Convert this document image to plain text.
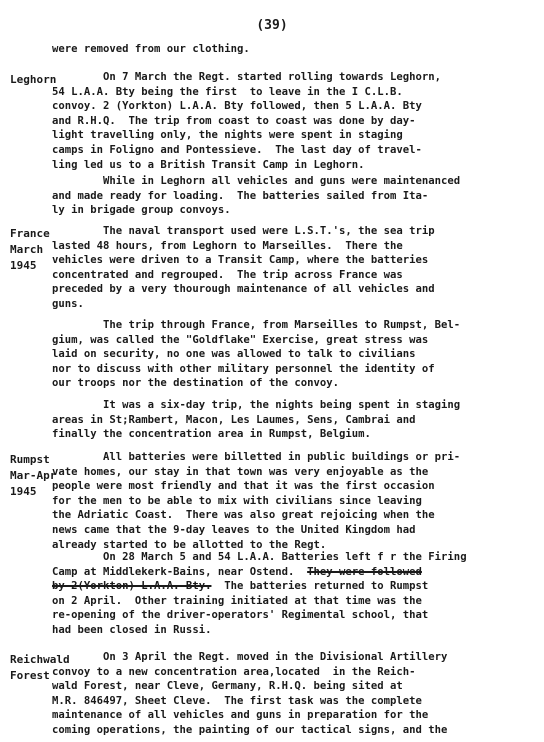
(39)
were removed from our clothing.
Leghorn	On 7 March the Regt. started rolling towards Leghorn,
54 L.A.A. Bty being the first  to leave in the I C.L.B.
convoy. 2 (Yorkton) L.A.A. Bty followed, then 5 L.A.A. Bty
and R.H.Q.  The trip from coast to coast was done by day-
light travelling only, the nights were spent in staging
camps in Foligno and Pontessieve.  The last day of travel-
ling led us to a British Transit Camp in Leghorn.
While in Leghorn all vehicles and guns were maintenanced
and made ready for loading.  The batteries sailed from Ita-
ly in brigade group convoys.
France
March
1945
The naval transport used were L.S.T.'s, the sea trip
lasted 48 hours, from Leghorn to Marseilles.  There the
vehicles were driven to a Transit Camp, where the batteries
concentrated and regrouped.  The trip across France was
preceded by a very thourough maintenance of all vehicles and
guns.
The trip through France, from Marseilles to Rumpst, Bel-
gium, was called the "Goldflake" Exercise, great stress was
laid on security, no one was allowed to talk to civilians
nor to discuss with other military personnel the identity of
our troops nor the destination of the convoy.
It was a six-day trip, the nights being spent in staging
areas in St;Rambert, Macon, Les Laumes, Sens, Cambrai and
finally the concentration area in Rumpst, Belgium.
Rumpst
Mar-Apr
1945
All batteries were billetted in public buildings or pri-
vate homes, our stay in that town was very enjoyable as the
people were most friendly and that it was the first occasion
for the men to be able to mix with civilians since leaving
the Adriatic Coast.  There was also great rejoicing when the
news came that the 9-day leaves to the United Kingdom had
already started to be allotted to the Regt.
On 28 March 5 and 54 L.A.A. Batteries left f r the Firing
Camp at Middlekerk-Bains, near Ostend.  They were followed
by 2(Yorkton) L.A.A. Bty.  The batteries returned to Rumpst
on 2 April.  Other training initiated at that time was the
re-opening of the driver-operators' Regimental school, that
had been closed in Russi.
Reichwald
Forest
On 3 April the Regt. moved in the Divisional Artillery
convoy to a new concentration area,located  in the Reich-
wald Forest, near Cleve, Germany, R.H.Q. being sited at
M.R. 846497, Sheet Cleve.  The first task was the complete
maintenance of all vehicles and guns in preparation for the
coming operations, the painting of our tactical signs, and the
